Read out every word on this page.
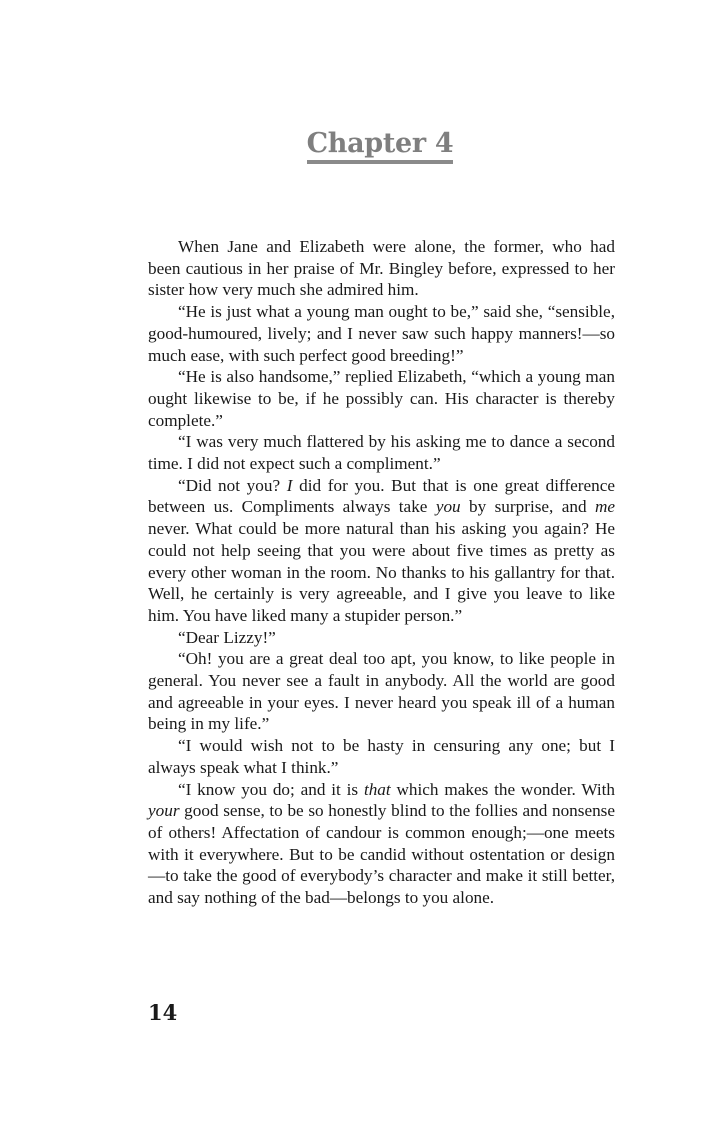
Chapter 4

When Jane and Elizabeth were alone, the former, who had been cautious in her praise of Mr. Bingley before, expressed to her sister how very much she admired him.

“He is just what a young man ought to be,” said she, “sensible, good-humoured, lively; and I never saw such happy manners!—so much ease, with such perfect good breeding!”

“He is also handsome,” replied Elizabeth, “which a young man ought likewise to be, if he possibly can. His character is thereby complete.”

“I was very much flattered by his asking me to dance a second time. I did not expect such a compliment.”

“Did not you? I did for you. But that is one great difference between us. Compliments always take you by surprise, and me never. What could be more natural than his asking you again? He could not help seeing that you were about five times as pretty as every other woman in the room. No thanks to his gallantry for that. Well, he certainly is very agreeable, and I give you leave to like him. You have liked many a stupider person.”

“Dear Lizzy!”

“Oh! you are a great deal too apt, you know, to like people in general. You never see a fault in anybody. All the world are good and agreeable in your eyes. I never heard you speak ill of a human being in my life.”

“I would wish not to be hasty in censuring any one; but I always speak what I think.”

“I know you do; and it is that which makes the wonder. With your good sense, to be so honestly blind to the follies and nonsense of others! Affectation of candour is common enough;—one meets with it everywhere. But to be candid without ostentation or design—to take the good of everybody’s character and make it still better, and say nothing of the bad—belongs to you alone.

14
